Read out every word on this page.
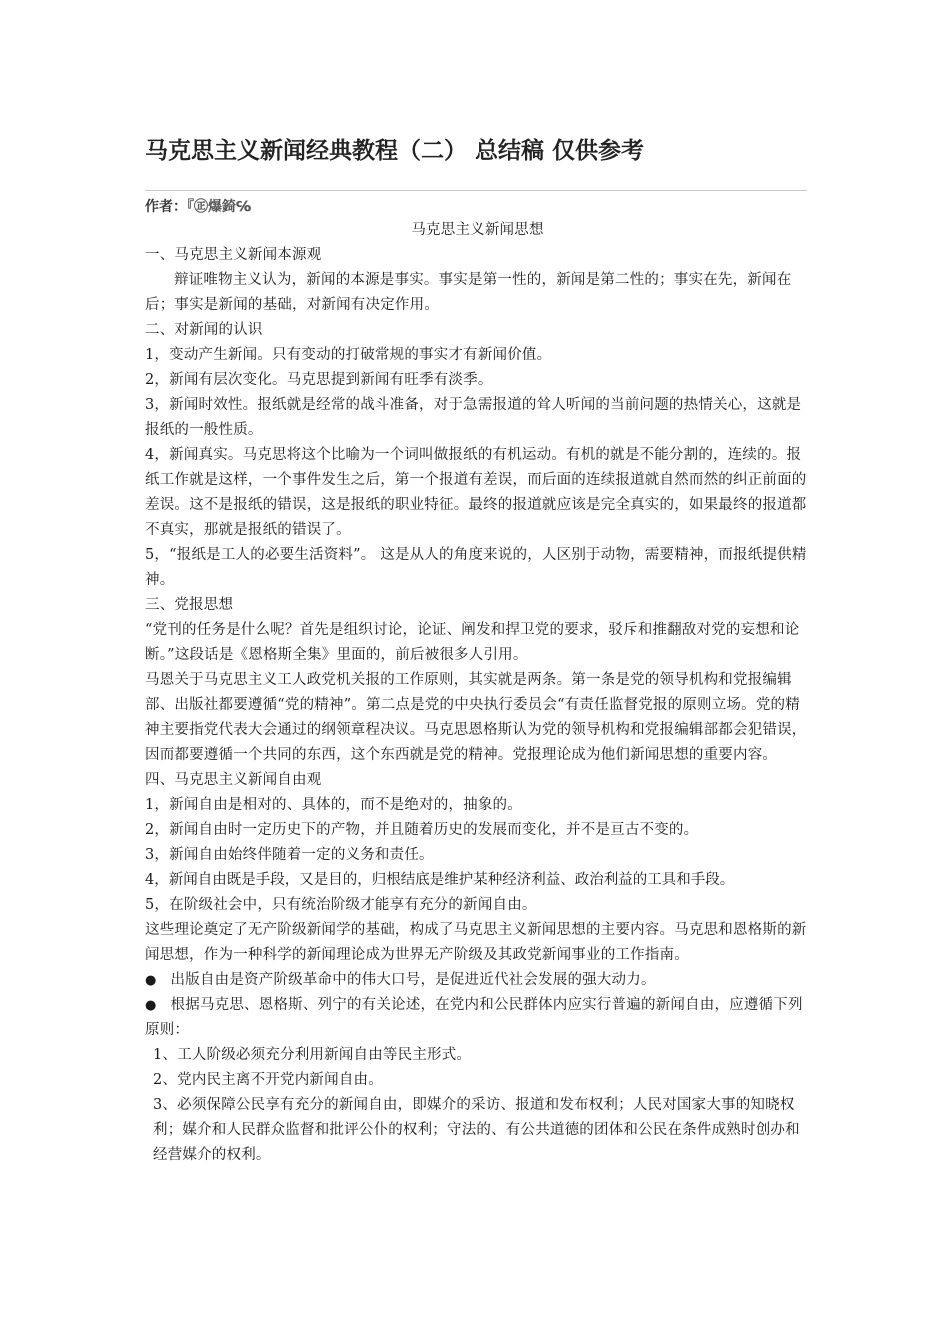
马克思主义新闻经典教程（二） 总结稿 仅供参考
作者：『㊣爆錡℅

马克思主义新闻思想

一、马克思主义新闻本源观

辩证唯物主义认为，新闻的本源是事实。事实是第一性的，新闻是第二性的；事实在先，新闻在后；事实是新闻的基础，对新闻有决定作用。

二、对新闻的认识

1，变动产生新闻。只有变动的打破常规的事实才有新闻价值。

2，新闻有层次变化。马克思提到新闻有旺季有淡季。

3，新闻时效性。报纸就是经常的战斗准备，对于急需报道的耸人听闻的当前问题的热情关心，这就是报纸的一般性质。

4，新闻真实。马克思将这个比喻为一个词叫做报纸的有机运动。有机的就是不能分割的，连续的。报纸工作就是这样，一个事件发生之后，第一个报道有差误，而后面的连续报道就自然而然的纠正前面的差误。这不是报纸的错误，这是报纸的职业特征。最终的报道就应该是完全真实的，如果最终的报道都不真实，那就是报纸的错误了。

5，“报纸是工人的必要生活资料”。 这是从人的角度来说的，人区别于动物，需要精神，而报纸提供精神。

三、党报思想

“党刊的任务是什么呢？首先是组织讨论，论证、阐发和捍卫党的要求，驳斥和推翻敌对党的妄想和论断。”这段话是《恩格斯全集》里面的，前后被很多人引用。

马恩关于马克思主义工人政党机关报的工作原则，其实就是两条。第一条是党的领导机构和党报编辑部、出版社都要遵循“党的精神”。第二点是党的中央执行委员会“有责任监督党报的原则立场。党的精神主要指党代表大会通过的纲领章程决议。马克思恩格斯认为党的领导机构和党报编辑部都会犯错误，因而都要遵循一个共同的东西，这个东西就是党的精神。党报理论成为他们新闻思想的重要内容。

四、马克思主义新闻自由观

1，新闻自由是相对的、具体的，而不是绝对的，抽象的。

2，新闻自由时一定历史下的产物，并且随着历史的发展而变化，并不是亘古不变的。

3，新闻自由始终伴随着一定的义务和责任。

4，新闻自由既是手段，又是目的，归根结底是维护某种经济利益、政治利益的工具和手段。

5，在阶级社会中，只有统治阶级才能享有充分的新闻自由。

这些理论奠定了无产阶级新闻学的基础，构成了马克思主义新闻思想的主要内容。马克思和恩格斯的新闻思想，作为一种科学的新闻理论成为世界无产阶级及其政党新闻事业的工作指南。

● 出版自由是资产阶级革命中的伟大口号，是促进近代社会发展的强大动力。

● 根据马克思、恩格斯、列宁的有关论述，在党内和公民群体内应实行普遍的新闻自由，应遵循下列原则：

1、工人阶级必须充分利用新闻自由等民主形式。

2、党内民主离不开党内新闻自由。

3、必须保障公民享有充分的新闻自由，即媒介的采访、报道和发布权利；人民对国家大事的知晓权利；媒介和人民群众监督和批评公仆的权利；守法的、有公共道德的团体和公民在条件成熟时创办和经营媒介的权利。
